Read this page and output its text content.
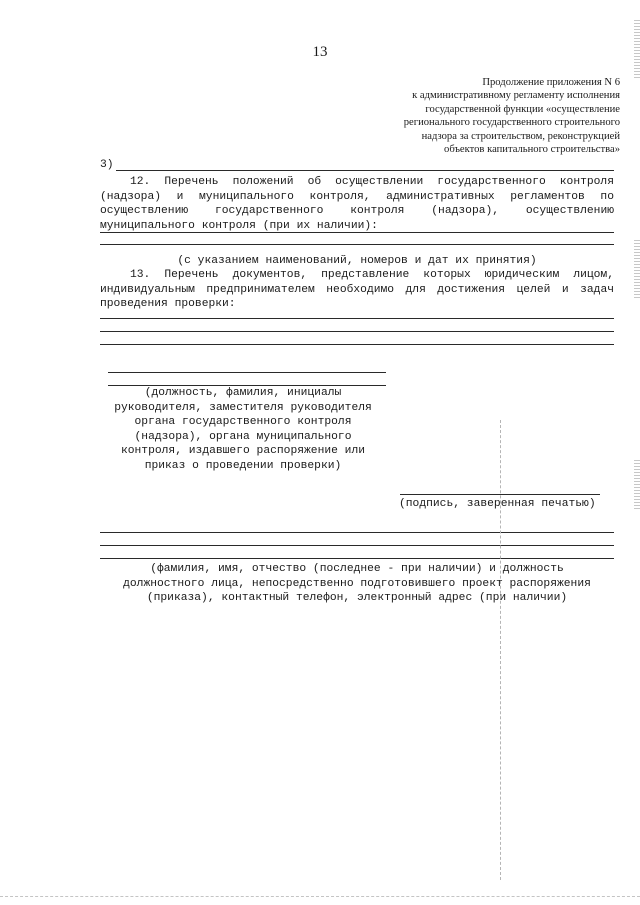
13
Продолжение приложения N 6
к административному регламенту исполнения
государственной функции «осуществление
регионального государственного строительного
надзора за строительством, реконструкцией
объектов капитального строительства»
3)
12. Перечень положений об осуществлении государственного контроля
(надзора) и муниципального контроля, административных регламентов по
осуществлению государственного контроля (надзора), осуществлению
муниципального контроля (при их наличии):
(с указанием наименований, номеров и дат их принятия)
13. Перечень документов, представление которых юридическим лицом,
индивидуальным предпринимателем необходимо для достижения целей и задач
проведения проверки:
(должность, фамилия, инициалы
руководителя, заместителя руководителя
органа государственного контроля
(надзора), органа муниципального
контроля, издавшего распоряжение или
приказ о проведении проверки)
(подпись, заверенная печатью)
(фамилия, имя, отчество (последнее - при наличии) и должность
должностного лица, непосредственно подготовившего проект распоряжения
(приказа), контактный телефон, электронный адрес (при наличии)
